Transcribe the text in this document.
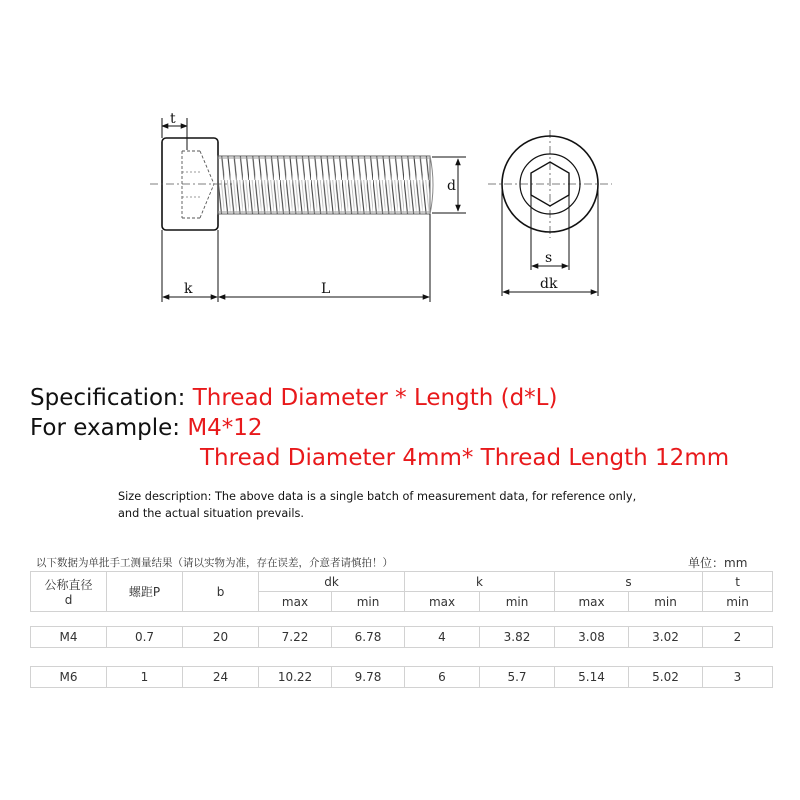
t
d
k	L
s
dk
Specification: Thread Diameter * Length (d*L)
For example: M4*12
Thread Diameter 4mm* Thread Length 12mm
Size description: The above data is a single batch of measurement data, for reference only,
and the actual situation prevails.
以下数据为单批手工测量结果（请以实物为准，存在误差，介意者请慎拍！）	单位：mm
公称直径
d	螺距P	b	dk		k		s		t
			max	min	max	min	max	min	min
M4	0.7	20	7.22	6.78	4	3.82	3.08	3.02	2
M6	1	24	10.22	9.78	6	5.7	5.14	5.02	3
